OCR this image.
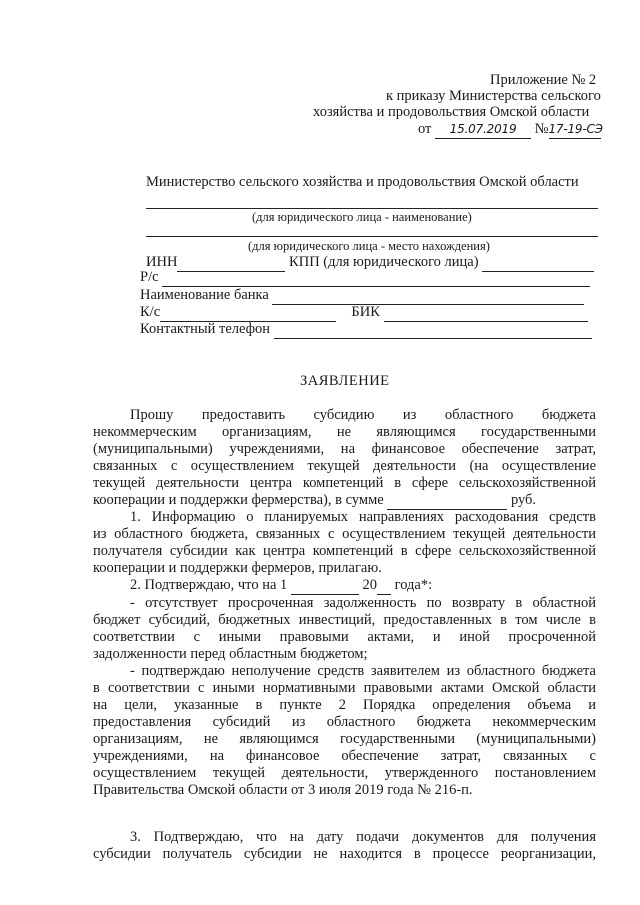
Приложение № 2
к приказу Министерства сельского
хозяйства и продовольствия Омской области
от 15.07.2019 №17-19-СЭ
Министерство сельского хозяйства и продовольствия Омской области
(для юридического лица - наименование)
(для юридического лица - место нахождения)
ИНН	КПП (для юридического лица)
Р/с
Наименование банка
К/с	БИК
Контактный телефон
ЗАЯВЛЕНИЕ

Прошу предоставить субсидию из областного бюджета

некоммерческим организациям, не являющимся государственными

(муниципальными) учреждениями, на финансовое обеспечение затрат,

связанных с осуществлением текущей деятельности (на осуществление

текущей деятельности центра компетенций в сфере сельскохозяйственной

кооперации и поддержки фермерства), в сумме	руб.

1. Информацию о планируемых направлениях расходования средств

из областного бюджета, связанных с осуществлением текущей деятельности

получателя субсидии как центра компетенций в сфере сельскохозяйственной

кооперации и поддержки фермеров, прилагаю.

2. Подтверждаю, что на 1	20  года*:

- отсутствует просроченная задолженность по возврату в областной

бюджет субсидий, бюджетных инвестиций, предоставленных в том числе в

соответствии с иными правовыми актами, и иной просроченной

задолженности перед областным бюджетом;

- подтверждаю неполучение средств заявителем из областного бюджета

в соответствии с иными нормативными правовыми актами Омской области

на цели, указанные в пункте 2 Порядка определения объема и

предоставления субсидий из областного бюджета некоммерческим

организациям, не являющимся государственными (муниципальными)

учреждениями, на финансовое обеспечение затрат, связанных с

осуществлением текущей деятельности, утвержденного постановлением

Правительства Омской области от 3 июля 2019 года № 216-п.

3. Подтверждаю, что на дату подачи документов для получения

субсидии получатель субсидии не находится в процессе реорганизации,
